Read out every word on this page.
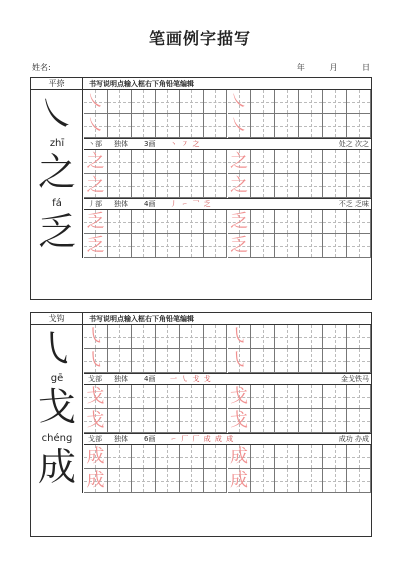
笔画例字描写
姓名:	年	月	日
平捺	书写说明点输入框右下角铅笔编辑
㇏ ㇏	㇏
㇏	㇏
丶部 独体 3画 丶 ㇇ 之	处之 次之
zhī
之 之	之
之	之
丿部 独体 4画 丿 ㇀ 乛 乏	不乏 乏味
fá
乏 乏	乏
乏	乏
戈钩	书写说明点输入框右下角铅笔编辑
㇂ ㇂	㇂
㇂	㇂
戈部 独体 4画 一 ㇂ 戈 戈	金戈铁马
gē
戈 戈	戈
戈	戈
戈部 独体 6画 ㇀ 厂 厂 成 成 成	成功 办成
chéng
成 成	成
成	成
